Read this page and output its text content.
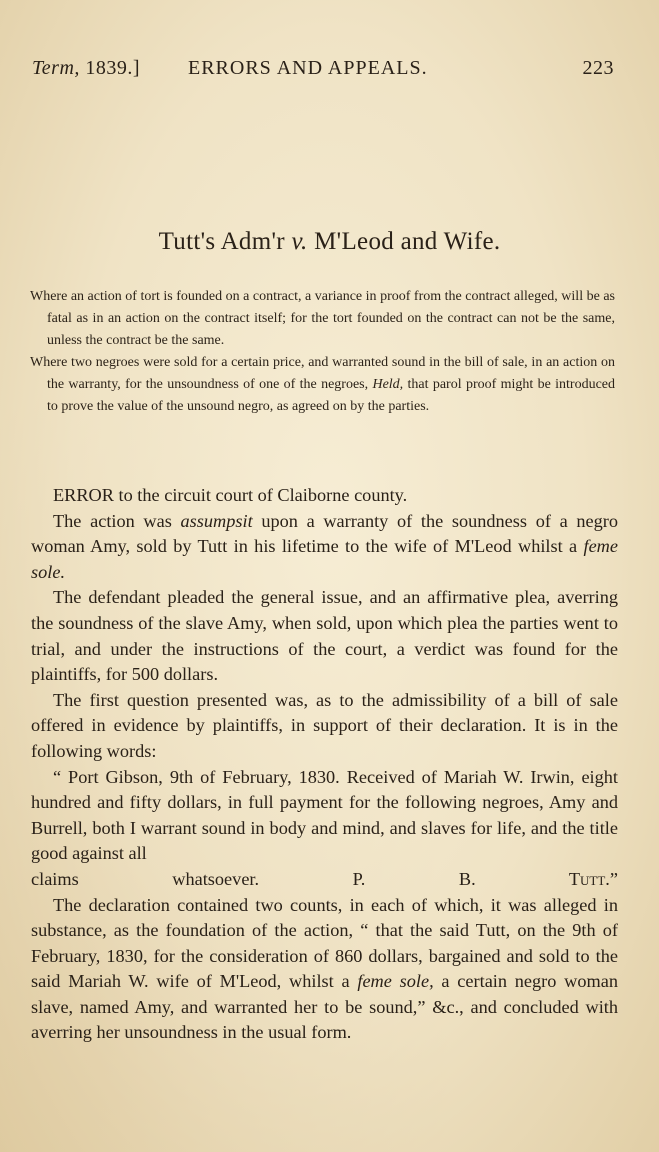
Term, 1839.] ERRORS AND APPEALS.	223
Tutt's Adm'r v. M'Leod and Wife.

Where an action of tort is founded on a contract, a variance in proof from the contract alleged, will be as fatal as in an action on the contract itself; for the tort founded on the contract can not be the same, unless the contract be the same.

Where two negroes were sold for a certain price, and warranted sound in the bill of sale, in an action on the warranty, for the unsoundness of one of the negroes, Held, that parol proof might be introduced to prove the value of the unsound negro, as agreed on by the parties.

ERROR to the circuit court of Claiborne county.

The action was assumpsit upon a warranty of the soundness of a negro woman Amy, sold by Tutt in his lifetime to the wife of M'Leod whilst a feme sole.

The defendant pleaded the general issue, and an affirmative plea, averring the soundness of the slave Amy, when sold, upon which plea the parties went to trial, and under the instructions of the court, a verdict was found for the plaintiffs, for 500 dollars.

The first question presented was, as to the admissibility of a bill of sale offered in evidence by plaintiffs, in support of their declaration. It is in the following words:

“ Port Gibson, 9th of February, 1830. Received of Mariah W. Irwin, eight hundred and fifty dollars, in full payment for the following negroes, Amy and Burrell, both I warrant sound in body and mind, and slaves for life, and the title good against all

claims whatsoever.	P. B. Tutt.”

The declaration contained two counts, in each of which, it was alleged in substance, as the foundation of the action, “ that the said Tutt, on the 9th of February, 1830, for the consideration of 860 dollars, bargained and sold to the said Mariah W. wife of M'Leod, whilst a feme sole, a certain negro woman slave, named Amy, and warranted her to be sound,” &c., and concluded with averring her unsoundness in the usual form.
